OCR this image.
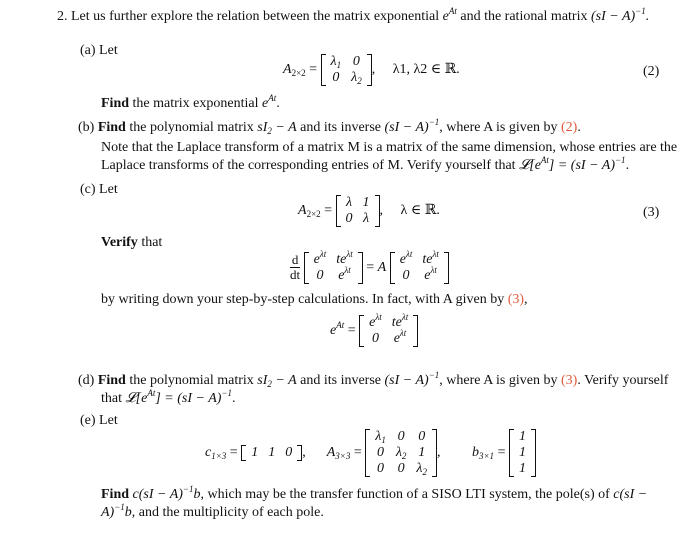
2. Let us further explore the relation between the matrix exponential $e^{At}$ and the rational matrix (sI − A)$^{-1}$.
(a) Let
$A_{2\times 2}$ =
$\lambda_1$	0
0	$\lambda_2$
,     λ1, λ2 ∈ ℝ.	(2)
Find the matrix exponential $e^{At}$.
(b) Find the polynomial matrix $sI_2 - A$ and its inverse (sI − A)$^{-1}$, where A is given by (2).
Note that the Laplace transform of a matrix M is a matrix of the same dimension, whose entries are the
Laplace transforms of the corresponding entries of M. Verify yourself that $𝓛[e^{At}] = (sI - A)^{-1}$.
(c) Let
$A_{2\times 2}$ =
λ	1
0	λ
,     λ ∈ ℝ.	(3)
Verify that
$\frac{d}{dt}$
$e^{\lambda t}$	$te^{\lambda t}$
0	$e^{\lambda t} = A$
$e^{\lambda t}$	$te^{\lambda t}$
0	$e^{\lambda t}$
by writing down your step-by-step calculations. In fact, with A given by (3),
$e^{At}$ =
$e^{\lambda t}$	$te^{\lambda t}$
0	$e^{\lambda t}$
(d) Find the polynomial matrix $sI_2 - A$ and its inverse (sI − A)$^{-1}$, where A is given by (3). Verify yourself
that $𝓛[e^{At}] = (sI - A)^{-1}$.
(e) Let
$c_{1\times 3} = 1$	1	0 ,      $A_{3\times 3}$ =
$\lambda_1$	0	0
0	$\lambda_2$	1
0	0	$\lambda_2$
,         $b_{3\times 1}$ =
1
1
1
Find c(sI − A)$^{-1}$b, which may be the transfer function of a SISO LTI system, the pole(s) of c(sI −
A)$^{-1}$b, and the multiplicity of each pole.
